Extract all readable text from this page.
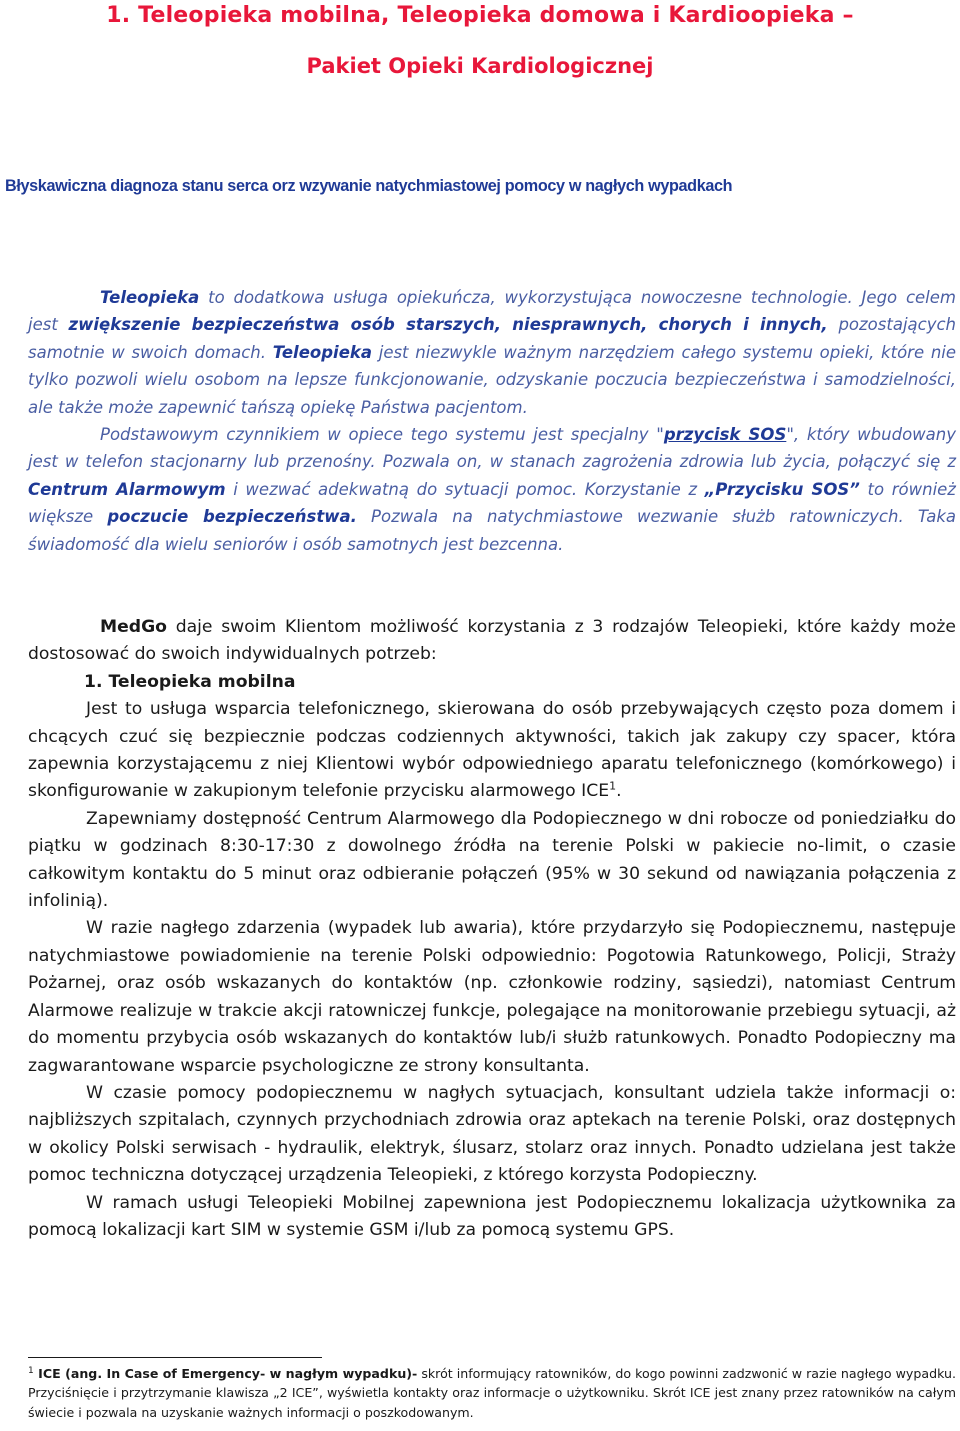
1. Teleopieka mobilna, Teleopieka domowa i Kardioopieka –
Pakiet Opieki Kardiologicznej
Błyskawiczna diagnoza stanu serca orz wzywanie natychmiastowej pomocy w nagłych wypadkach
Teleopieka to dodatkowa usługa opiekuńcza, wykorzystująca nowoczesne technologie. Jego celem jest zwiększenie bezpieczeństwa osób starszych, niesprawnych, chorych i innych, pozostających samotnie w swoich domach. Teleopieka jest niezwykle ważnym narzędziem całego systemu opieki, które nie tylko pozwoli wielu osobom na lepsze funkcjonowanie, odzyskanie poczucia bezpieczeństwa i samodzielności, ale także może zapewnić tańszą opiekę Państwa pacjentom.
Podstawowym czynnikiem w opiece tego systemu jest specjalny "przycisk SOS", który wbudowany jest w telefon stacjonarny lub przenośny. Pozwala on, w stanach zagrożenia zdrowia lub życia, połączyć się z Centrum Alarmowym i wezwać adekwatną do sytuacji pomoc. Korzystanie z „Przycisku SOS” to również większe poczucie bezpieczeństwa. Pozwala na natychmiastowe wezwanie służb ratowniczych. Taka świadomość dla wielu seniorów i osób samotnych jest bezcenna.

MedGo daje swoim Klientom możliwość korzystania z 3 rodzajów Teleopieki, które każdy może dostosować do swoich indywidualnych potrzeb:

1. Teleopieka mobilna

Jest to usługa wsparcia telefonicznego, skierowana do osób przebywających często poza domem i chcących czuć się bezpiecznie podczas codziennych aktywności, takich jak zakupy czy spacer, która zapewnia korzystającemu z niej Klientowi wybór odpowiedniego aparatu telefonicznego (komórkowego) i skonfigurowanie w zakupionym telefonie przycisku alarmowego ICE$^1$.

Zapewniamy dostępność Centrum Alarmowego dla Podopiecznego w dni robocze od poniedziałku do piątku w godzinach 8:30-17:30 z dowolnego źródła na terenie Polski w pakiecie no-limit, o czasie całkowitym kontaktu do 5 minut oraz odbieranie połączeń (95% w 30 sekund od nawiązania połączenia z infolinią).

W razie nagłego zdarzenia (wypadek lub awaria), które przydarzyło się Podopiecznemu, następuje natychmiastowe powiadomienie na terenie Polski odpowiednio: Pogotowia Ratunkowego, Policji, Straży Pożarnej, oraz osób wskazanych do kontaktów (np. członkowie rodziny, sąsiedzi), natomiast Centrum Alarmowe realizuje w trakcie akcji ratowniczej funkcje, polegające na monitorowanie przebiegu sytuacji, aż do momentu przybycia osób wskazanych do kontaktów lub/i służb ratunkowych. Ponadto Podopieczny ma zagwarantowane wsparcie psychologiczne ze strony konsultanta.

W czasie pomocy podopiecznemu w nagłych sytuacjach, konsultant udziela także informacji o: najbliższych szpitalach, czynnych przychodniach zdrowia oraz aptekach na terenie Polski, oraz dostępnych w okolicy Polski serwisach - hydraulik, elektryk, ślusarz, stolarz oraz innych. Ponadto udzielana jest także pomoc techniczna dotyczącej urządzenia Teleopieki, z którego korzysta Podopieczny.

W ramach usługi Teleopieki Mobilnej zapewniona jest Podopiecznemu lokalizacja użytkownika za pomocą lokalizacji kart SIM w systemie GSM i/lub za pomocą systemu GPS.

$^1$ ICE (ang. In Case of Emergency- w nagłym wypadku)- skrót informujący ratowników, do kogo powinni zadzwonić w razie nagłego wypadku. Przyciśnięcie i przytrzymanie klawisza „2 ICE”, wyświetla kontakty oraz informacje o użytkowniku. Skrót ICE jest znany przez ratowników na całym świecie i pozwala na uzyskanie ważnych informacji o poszkodowanym.
